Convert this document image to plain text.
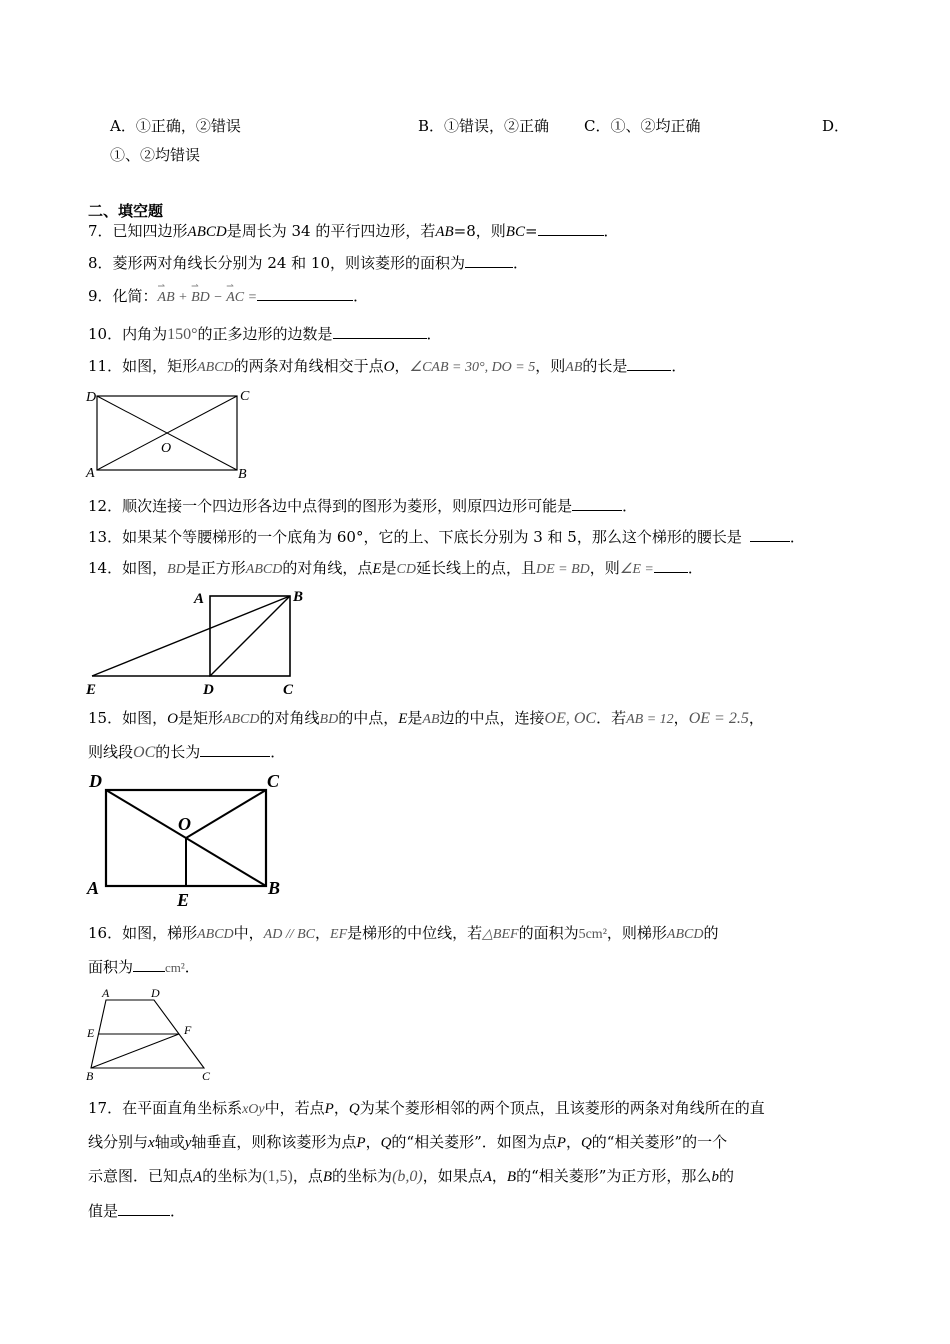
A．①正确，②错误	B．①错误，②正确 C．①、②均正确	D．
①、②均错误
二、填空题
7．已知四边形ABCD是周长为 34 的平行四边形，若AB=8，则BC=	．
8．菱形两对角线长分别为 24 和 10，则该菱形的面积为	．
9．化简：⇀ AB + ⇀ BD − ⇀ AC =	．
10．内角为150°的正多边形的边数是	．
11．如图，矩形ABCD的两条对角线相交于点O，∠CAB = 30°, DO = 5，则AB的长是	．
D	C
A	B
O
12．顺次连接一个四边形各边中点得到的图形为菱形，则原四边形可能是	．
13．如果某个等腰梯形的一个底角为 60°，它的上、下底长分别为 3 和 5，那么这个梯形的腰长是	．
14．如图，BD是正方形ABCD的对角线，点E是CD延长线上的点，且DE = BD，则∠E = ．
A	B
E	D	C
15．如图，O是矩形ABCD的对角线BD的中点，E是AB边的中点，连接OE, OC．若AB = 12，OE = 2.5，
则线段OC的长为	．
D	C
O
A
E
B
16．如图，梯形ABCD中，AD // BC，EF是梯形的中位线，若△BEF的面积为5cm²，则梯形ABCD的
面积为 cm²．
A	D
E	F
B	C
17．在平面直角坐标系xOy中，若点P，Q为某个菱形相邻的两个顶点，且该菱形的两条对角线所在的直
线分别与x轴或y轴垂直，则称该菱形为点P，Q的“相关菱形”．如图为点P，Q的“相关菱形”的一个
示意图．已知点A的坐标为(1,5)，点B的坐标为(b,0)，如果点A，B的“相关菱形”为正方形，那么b的
值是	．
